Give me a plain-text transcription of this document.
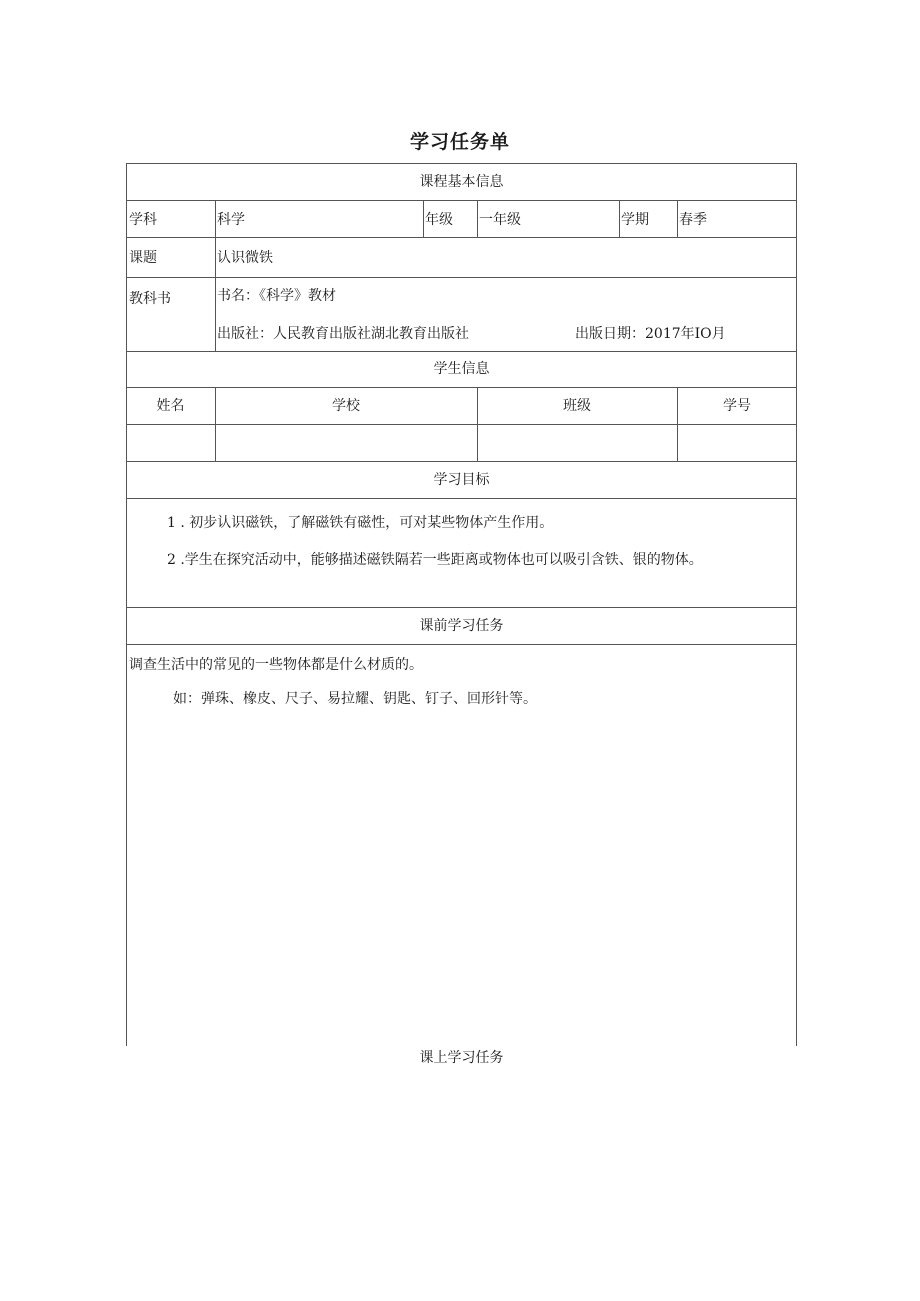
学习任务单
课程基本信息
学科	科学	年级 一年级	学期 春季
课题	认识微铁
教科书	书名：《科学》教材
出版社：人民教育出版社湖北教育出版社	出版日期：2017年IO月
学生信息
姓名	学校	班级	学号
学习目标
1 . 初步认识磁铁，了解磁铁有磁性，可对某些物体产生作用。
2 .学生在探究活动中，能够描述磁铁隔若一些距离或物体也可以吸引含铁、银的物体。
课前学习任务
调查生活中的常见的一些物体都是什么材质的。
如：弹珠、橡皮、尺子、易拉耀、钥匙、钉子、回形针等。
课上学习任务
